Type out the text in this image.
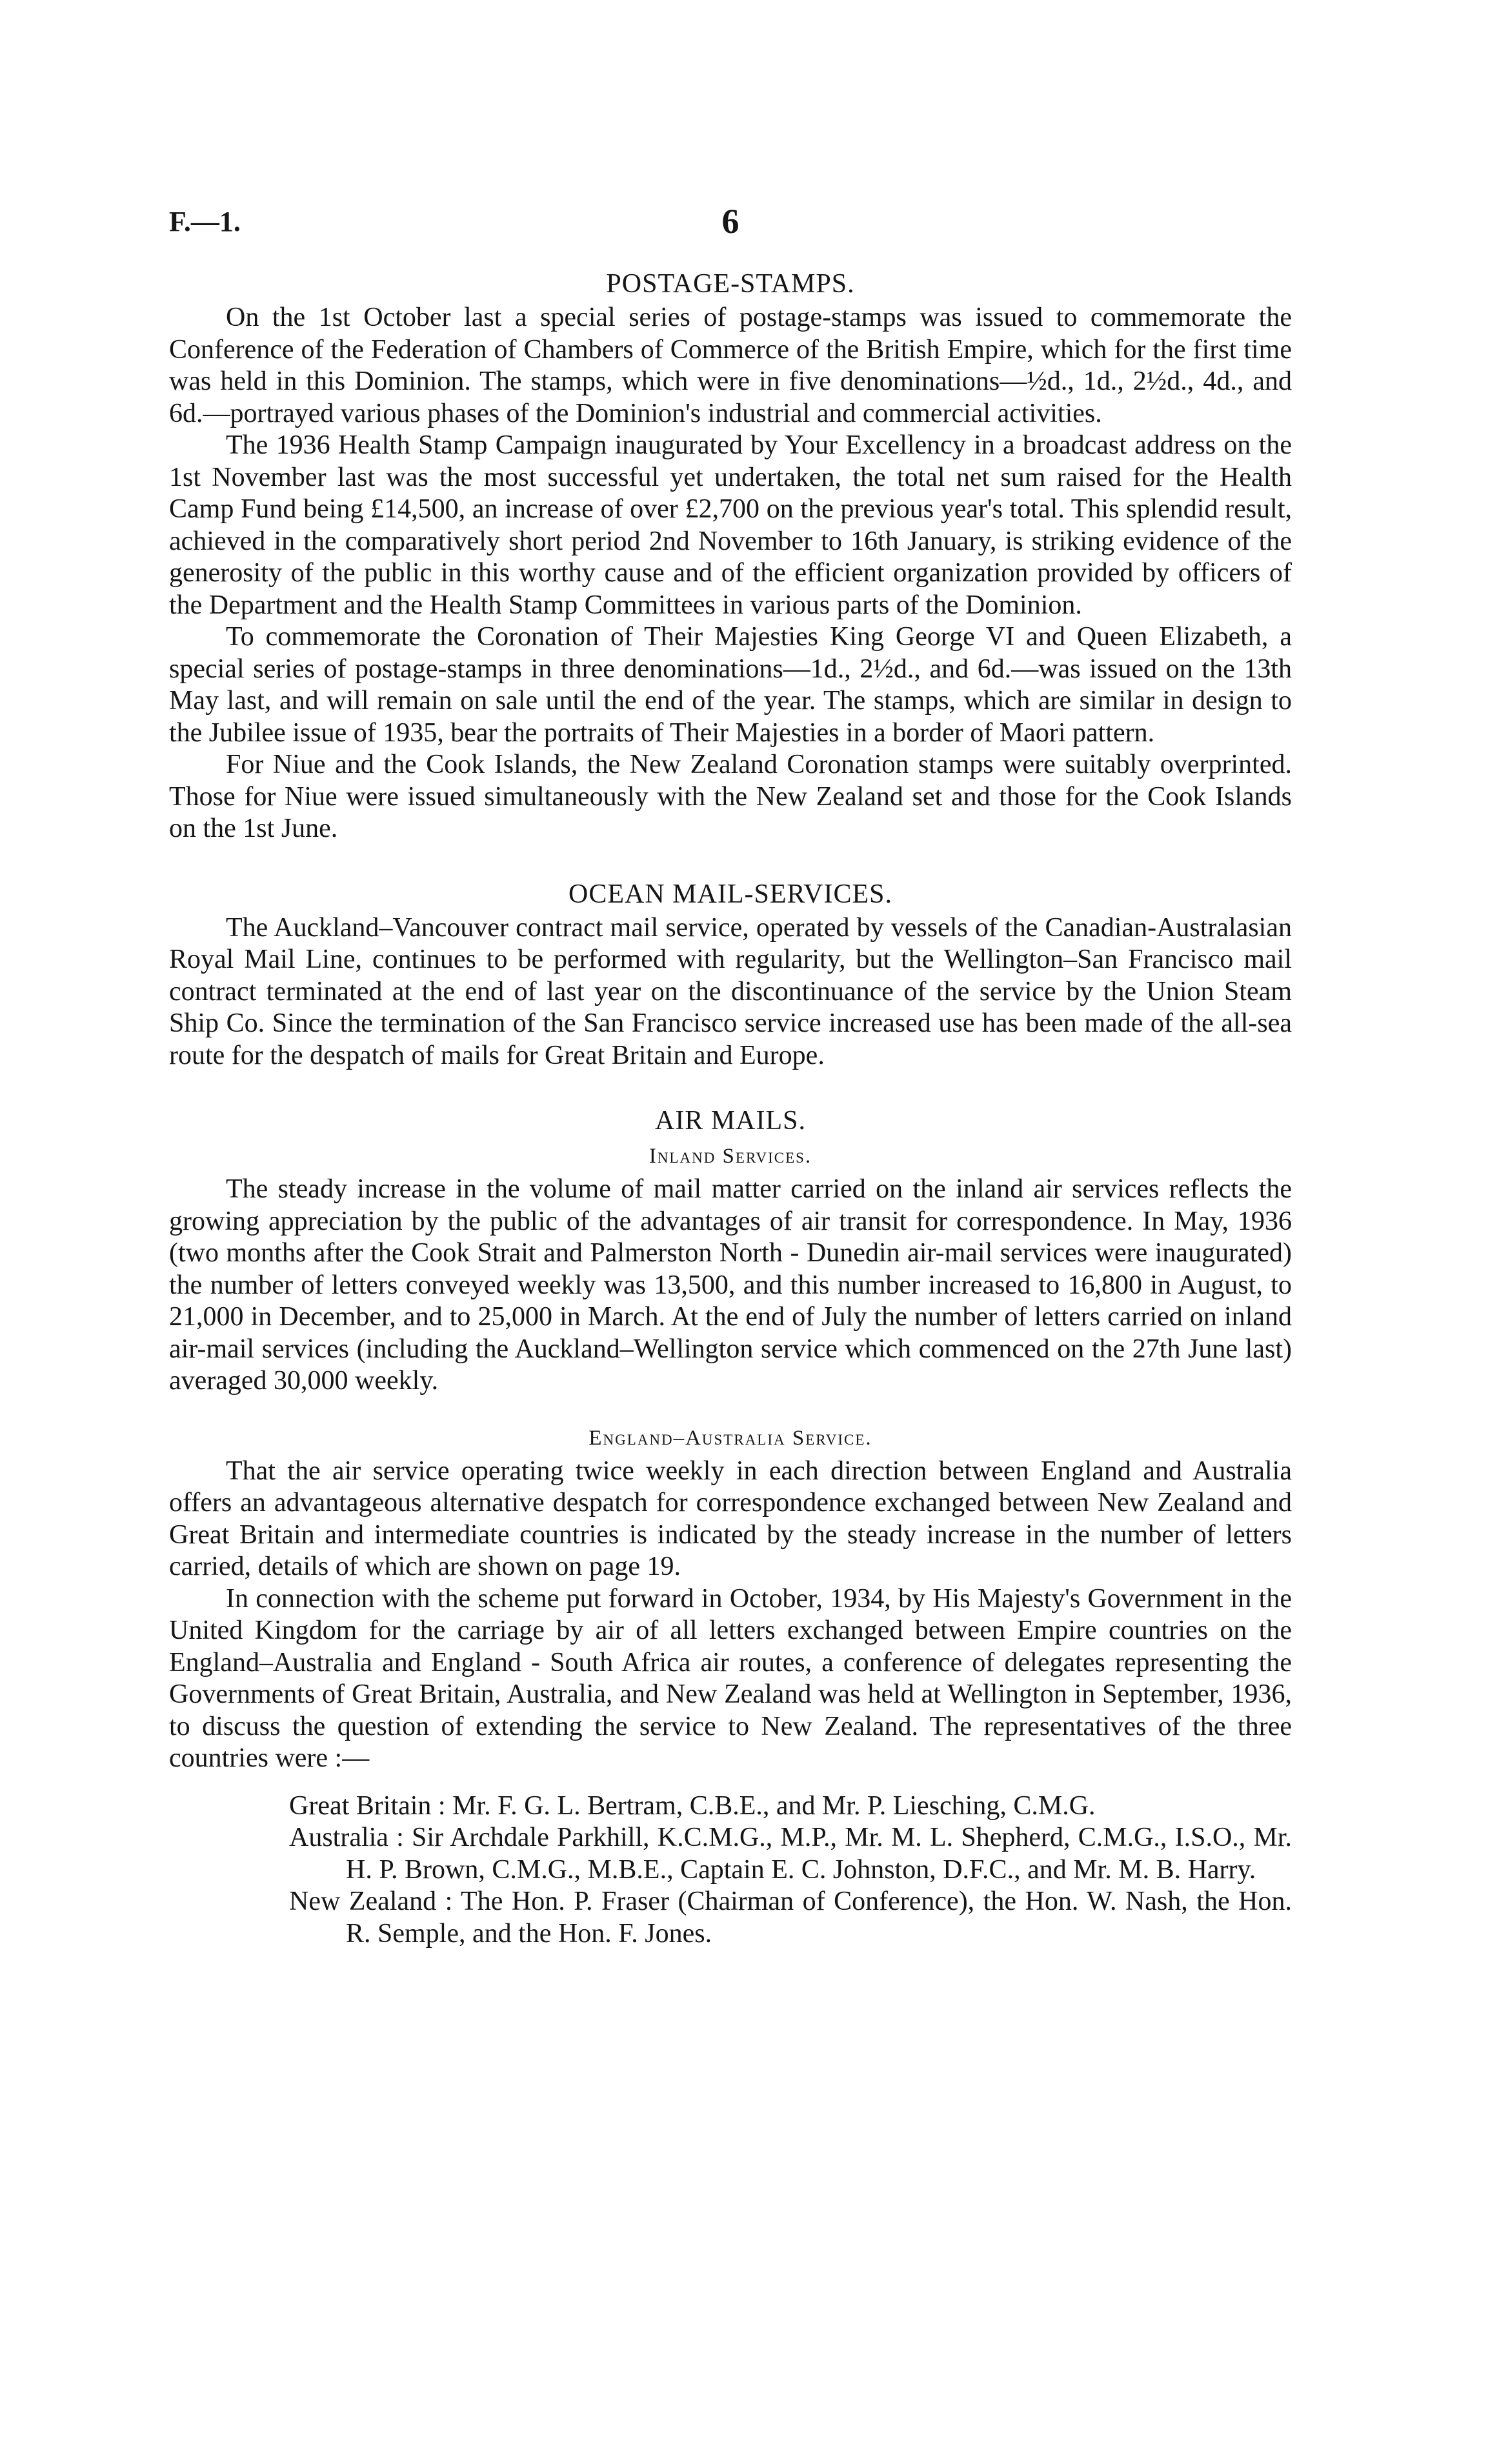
F.—1.	6
POSTAGE-STAMPS.

On the 1st October last a special series of postage-stamps was issued to commemorate the Conference of the Federation of Chambers of Commerce of the British Empire, which for the first time was held in this Dominion. The stamps, which were in five denominations—½d., 1d., 2½d., 4d., and 6d.—portrayed various phases of the Dominion's industrial and commercial activities.

The 1936 Health Stamp Campaign inaugurated by Your Excellency in a broadcast address on the 1st November last was the most successful yet undertaken, the total net sum raised for the Health Camp Fund being £14,500, an increase of over £2,700 on the previous year's total. This splendid result, achieved in the comparatively short period 2nd November to 16th January, is striking evidence of the generosity of the public in this worthy cause and of the efficient organization provided by officers of the Department and the Health Stamp Committees in various parts of the Dominion.

To commemorate the Coronation of Their Majesties King George VI and Queen Elizabeth, a special series of postage-stamps in three denominations—1d., 2½d., and 6d.—was issued on the 13th May last, and will remain on sale until the end of the year. The stamps, which are similar in design to the Jubilee issue of 1935, bear the portraits of Their Majesties in a border of Maori pattern.

For Niue and the Cook Islands, the New Zealand Coronation stamps were suitably overprinted. Those for Niue were issued simultaneously with the New Zealand set and those for the Cook Islands on the 1st June.

OCEAN MAIL-SERVICES.

The Auckland–Vancouver contract mail service, operated by vessels of the Canadian-Australasian Royal Mail Line, continues to be performed with regularity, but the Wellington–San Francisco mail contract terminated at the end of last year on the discontinuance of the service by the Union Steam Ship Co. Since the termination of the San Francisco service increased use has been made of the all-sea route for the despatch of mails for Great Britain and Europe.

AIR MAILS.
Inland Services.

The steady increase in the volume of mail matter carried on the inland air services reflects the growing appreciation by the public of the advantages of air transit for correspondence. In May, 1936 (two months after the Cook Strait and Palmerston North - Dunedin air-mail services were inaugurated) the number of letters conveyed weekly was 13,500, and this number increased to 16,800 in August, to 21,000 in December, and to 25,000 in March. At the end of July the number of letters carried on inland air-mail services (including the Auckland–Wellington service which commenced on the 27th June last) averaged 30,000 weekly.

England–Australia Service.

That the air service operating twice weekly in each direction between England and Australia offers an advantageous alternative despatch for correspondence exchanged between New Zealand and Great Britain and intermediate countries is indicated by the steady increase in the number of letters carried, details of which are shown on page 19.

In connection with the scheme put forward in October, 1934, by His Majesty's Government in the United Kingdom for the carriage by air of all letters exchanged between Empire countries on the England–Australia and England - South Africa air routes, a conference of delegates representing the Governments of Great Britain, Australia, and New Zealand was held at Wellington in September, 1936, to discuss the question of extending the service to New Zealand. The representatives of the three countries were :—

Great Britain : Mr. F. G. L. Bertram, C.B.E., and Mr. P. Liesching, C.M.G.

Australia : Sir Archdale Parkhill, K.C.M.G., M.P., Mr. M. L. Shepherd, C.M.G., I.S.O., Mr. H. P. Brown, C.M.G., M.B.E., Captain E. C. Johnston, D.F.C., and Mr. M. B. Harry.

New Zealand : The Hon. P. Fraser (Chairman of Conference), the Hon. W. Nash, the Hon. R. Semple, and the Hon. F. Jones.
